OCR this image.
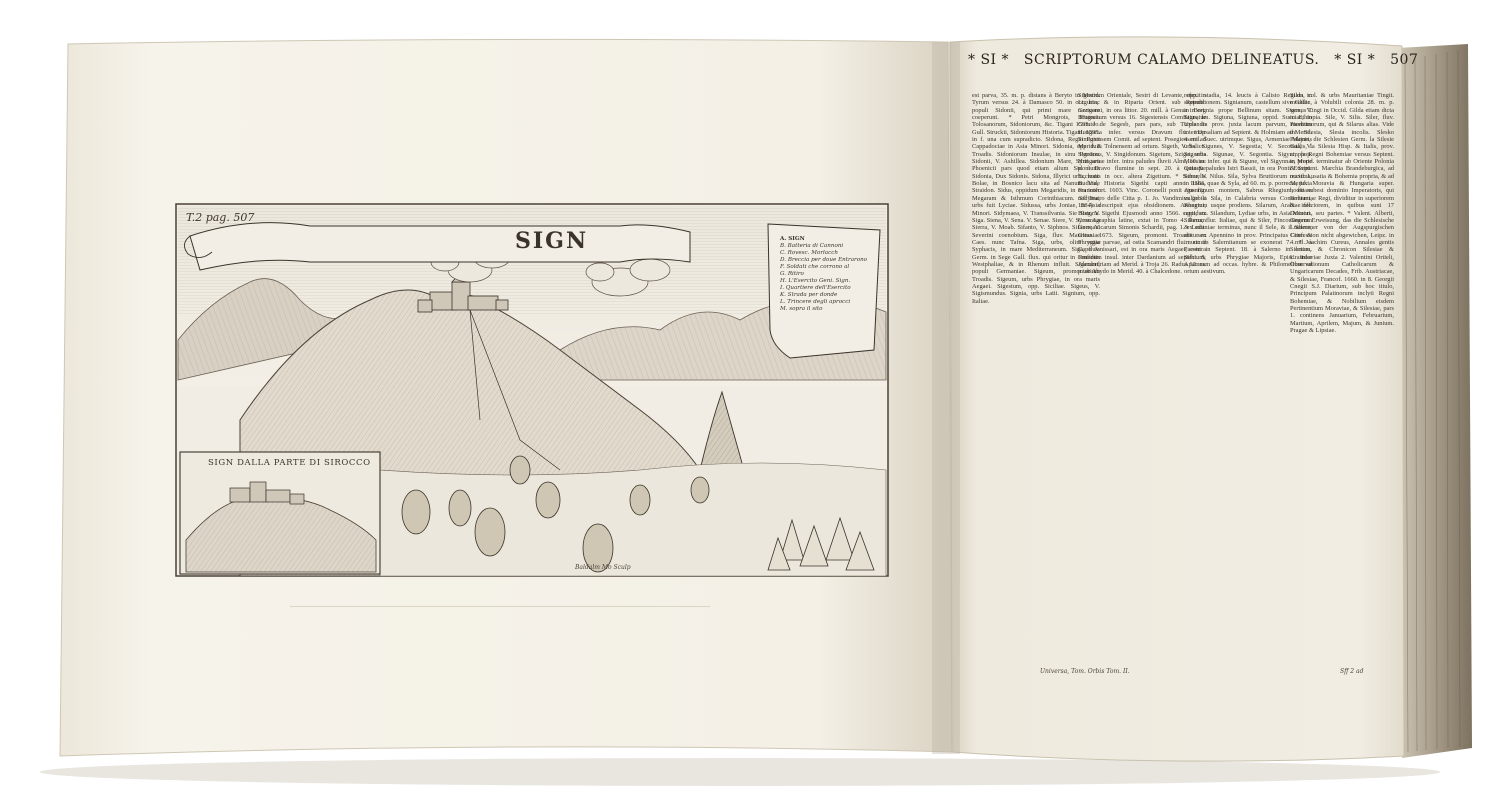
T.2 pag. 507
SIGN
SIGN DALLA PARTE DI SIROCCO
Baldalm Mo Sculp
A. SIGN
B. Batteria di Cannoni
C. Rovesc. Morlacch
D. Breccia per doue Entrarono
F. Soldati che corrono al
G. Ritiro
H. L'Esercito Geni. Sign.
I. Quartiere dell'Esercito
K. Strada per donde
L. Trincere degli aprocci
M. sopra il sito
* SI * SCRIPTORUM CALAMO DELINEATUS. * SI * 507

est parva, 35. m. p. distans à Beryto in Merid. Tyrum versus 24. à Damasco 50. in occ. hinc populi Sidonii, qui primi mare navigare coeperunt. * Petri Mongrois, Historia Tolosanorum, Sidoniorum, &c. Tigani 1595. Jo. Gull. Struckii, Sidoniorum Historia. Tigani. 1595. in f. una cum supradicto. Sidona, Regio Ponti Cappadociae in Asia Minori. Sidonia, opp. fuit Troadis. Sidoniorum Insulae, in sinu Persico. Sidonii, V. Ashillea. Sidonium Mare, Syrii seu Phoenicii pars quod etiam alium Sidonium. Sidonia, Dux Sidonis. Sidona, Illyrici urbs, nunc Bolae, in Bosnico lacu sita ad Nanum. Vide Straidon. Sidus, oppidum Megaridis, in ora inter Megaram & Isthmum Corinthiacum. Sidyma, urbs fuit Lyciae. Sidussa, urbs Joniae, in Asia Minori. Sidymaea, V. Transsilvania. Sie Sieg, V. Siga. Siena, V. Sena. V. Senae. Siere, V. Syros. La Sierra, V. Moab. Sifanto, V. Siphnos. Sifanes, V. Severini coenobium. Siga, fluv. Mauritaniae Caes. nunc Tafna. Siga, urbs, olim regia Syphacis, in mare Mediterraneum. Siga, fluv. Germ. in Sege Gall. flux. qui oritur in confiniis Westphaliae, & in Rhenum influit. Sigambri, populi Germaniae. Sigeum, promontorium Troadis. Sigeum, urbs Phrygiae, in ora maris Aegaei. Sigestum, opp. Siciliae. Sigeus, V. Sigismundus. Signia, urbs Latii. Signium, opp. Italiae.

Sigestrum Orientale, Sestri di Levante, opp. in Liguria, & in Riparia Orient. sub Republ. Genuensi, in ora littor. 20. mill. à Genua in ort. Brugnatum versus 16. Sigestensis Comitatus, le Comté de Segesb, pars pars, sub Turcis in Hungaria infer. versus Dravum flu. inter Simigiensem Comit. ad septent. Posegiensem ad Merid. & Tolnensem ad ortum. Sigeth, V. Salice. Sigetinus, V. Singidonum. Sigetum, Sziget, urbs Hungariae infer. intra paludes fluvii Almi, 10. m. p. à Dravo flumine in sept. 20. à Quinque Ecclesiis in occ. altera Zigetium. * Samuelis Budina, Historia Sigethi capti anno 1566. Francofurt. 1603. Vinc. Coronelli ponit ejus fig. nel Teatro delle Citta p. 1. Jo. Vandimius (obiit 1584) descripsit ejus obsidionem. Anonymi, Historia Sigethi Ejusmodi anno 1566. capti, ex Cosmographia latine, extat in Tomo 4. Rerum Germanicarum Simonis Schardii, pag. 1. ex edit. Giess. 1673. Sigeum, promont. Troadis seu Phrygiae parvae, ad ostia Scamandri flu. nunc il Capo Janissari, est in ora maris Aegaei, contra Tenedum insul. inter Dardanium ad septent. & Alexandriam ad Merid. à Troja 26. Radus 12. m. p. ab Abydo in Merid. 40. à Chalcedone.

refexit stadia, 14. leucis à Calisto Regiam in septentrionem. Signianum, castellum sive Gallie, in Bregnia prope Bellinum sitam. Sigon, V. Signatum. Sigtuna, Sigtuna, oppid. Sueciae, in Uplandia prov. juxta lacum parvum, medium inter Upsaliam ad Septent. & Holmiam ad Merid. 4. mil. Suec. utrimque. Sigus, Armeniae Majoris urbs. Sigunes, V. Segestia; V. Secomia, V. Segontia. Sigunae, V. Segontia. Sigyni, pop. Moesiae infer. qui & Sigune, vel Sigynnae, prope ostia & paludes Istri Bassii, in ora Ponti Euxini. Sihor, V. Nilus. Sila, Sylva Bruttiorum maxima, in Italia, quae & Syla, ad 60. m. p. porrecta, juxta Apenninum montem, Sabrus Rhegium, etiam vulgo la Sila, in Calabria versus Consentiam, Rhegium usque prodiens. Silarum, Arabiae fel. oppidum. Silandum, Lydiae urbs, in Asia Minori. Silarus, flur. Italiae, qui & Siler, Fincoutinorum & Lucaniae terminus, nunc il Sele, & il Salere, oritur ex Apennino in prov. Principatus Citer. & in sinum Salernitanum se exonerat 7. mil. à Paesto in Septent. 18. à Salerno in ortum. Silbium, urbs Phrygiae Majoris, Episc. inter Apameam ad occas. hybre. & Philomelium ad ortum aestivum.

Silda, col. & urbs Mauritaniae Tingit. mediter. à Volubili colonia 28. m. p. versus Tingi in Occid. Gilda etiam dicta in Ethiopia. Sile, V. Silis. Siler, fluv. Picentinorum, qui & Silarus alias. Vide in: Silesia, Slesia incolis. Slesko Polonis, die Schlesien Germ. la Silesie Gallis, la Silesia Hisp. & Italis, prov. ampla Regni Bohemiae versus Septent. in Merid. terminatur ab Oriente Polonia & Septent. Marchia Brandeburgica, ad occid. Lusatia & Bohemia propria, & ad Merid. Moravia & Hungaria super. hodie subest dominio Imperatoris, qui Bohemiae Regi, dividitur in superiorem & inferiorem, in quibus sunt 17 Ducatus, seu partes. * Valent. Alberti, Gegens Erweisung, das die Schlesische Lutheraner von der Augspurgischen Confession nicht abgewichen, Leipz. in 4. * Joachim Cureus, Annales gentis Silesiae, & Chronicon Silesiae & Uratislaviae Juxta 2. Valentini Ortieli, Observationum Catholicarum & Ungaricarum Decades, Frib. Austriacae, & Silesiae, Francof. 1660. in 8. Georgii Cnegii S.J. Diarium, sub hoc titulo, Principum Palatinorum inclyti Regni Bohemiae, & Nobilium eisdem Pertinentium Moraviae, & Silesiae, pars 1. continens Januarium, Februarium, Martium, Aprilem, Majum, & Junium. Pragae & Lipsiae.

Universa, Tom. Orbis Tom. II.	Sff 2 ad
